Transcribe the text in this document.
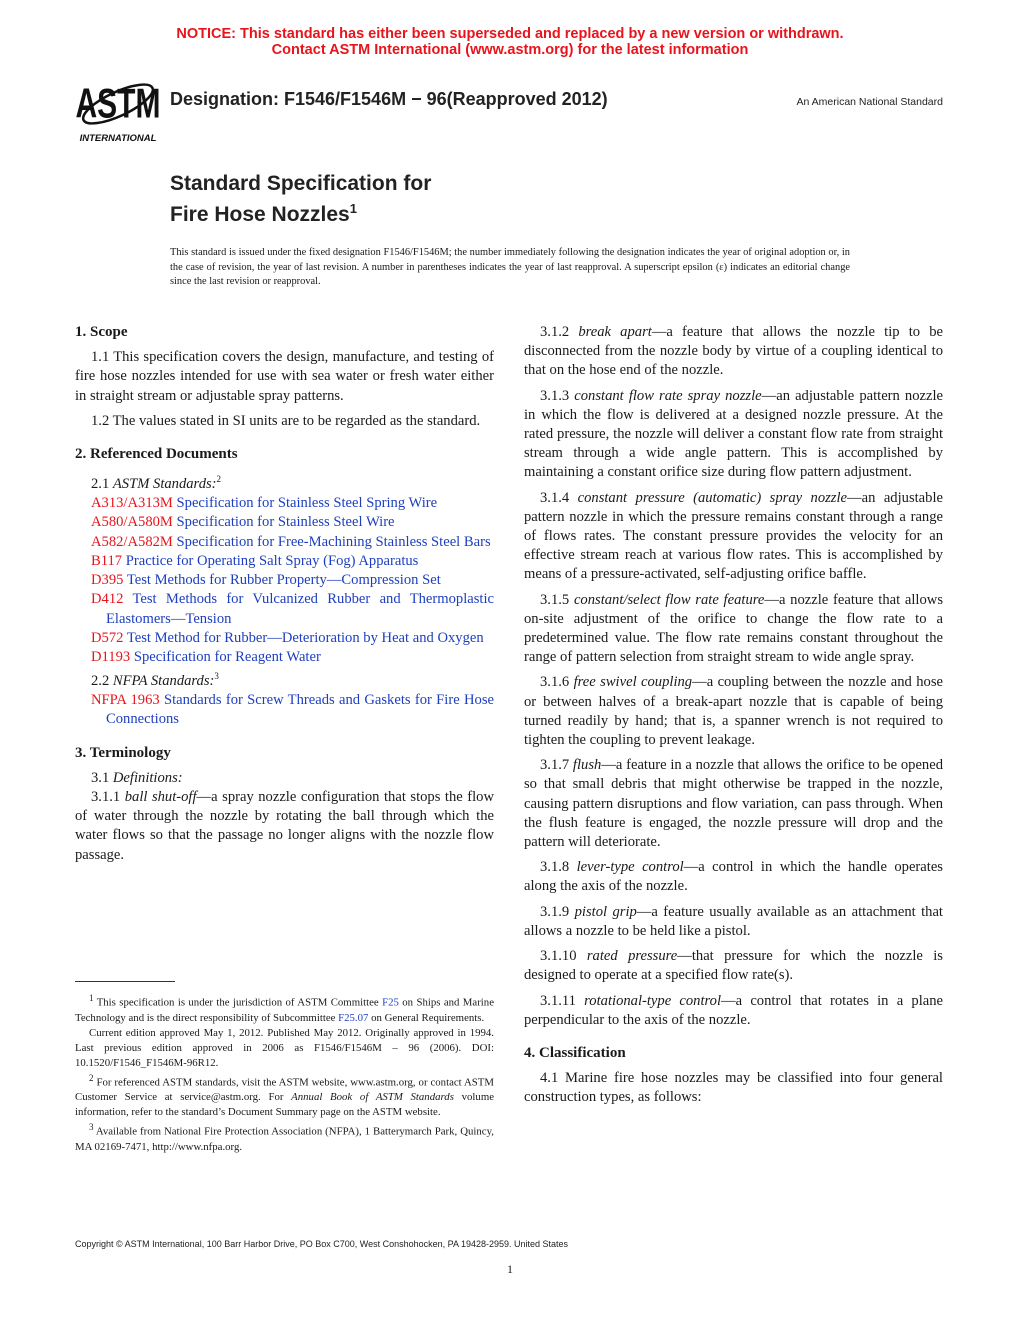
NOTICE: This standard has either been superseded and replaced by a new version or withdrawn.
Contact ASTM International (www.astm.org) for the latest information
ASTM
INTERNATIONAL
Designation: F1546/F1546M − 96(Reapproved 2012)	An American National Standard
Standard Specification for
Fire Hose Nozzles$^1$
This standard is issued under the fixed designation F1546/F1546M; the number immediately following the designation indicates the year of original adoption or, in the case of revision, the year of last revision. A number in parentheses indicates the year of last reapproval. A superscript epsilon (ε) indicates an editorial change since the last revision or reapproval.
1. Scope

1.1 This specification covers the design, manufacture, and testing of fire hose nozzles intended for use with sea water or fresh water either in straight stream or adjustable spray patterns.

1.2 The values stated in SI units are to be regarded as the standard.

2. Referenced Documents

2.1 ASTM Standards:$^2$

A313/A313M Specification for Stainless Steel Spring Wire
A580/A580M Specification for Stainless Steel Wire
A582/A582M Specification for Free-Machining Stainless Steel Bars
B117 Practice for Operating Salt Spray (Fog) Apparatus
D395 Test Methods for Rubber Property—Compression Set
D412 Test Methods for Vulcanized Rubber and Thermoplastic Elastomers—Tension
D572 Test Method for Rubber—Deterioration by Heat and Oxygen
D1193 Specification for Reagent Water

2.2 NFPA Standards:$^3$

NFPA 1963 Standards for Screw Threads and Gaskets for Fire Hose Connections
3. Terminology

3.1 Definitions:

3.1.1 ball shut-off—a spray nozzle configuration that stops the flow of water through the nozzle by rotating the ball through which the water flows so that the passage no longer aligns with the nozzle flow passage.

3.1.2 break apart—a feature that allows the nozzle tip to be disconnected from the nozzle body by virtue of a coupling identical to that on the hose end of the nozzle.

3.1.3 constant flow rate spray nozzle—an adjustable pattern nozzle in which the flow is delivered at a designed nozzle pressure. At the rated pressure, the nozzle will deliver a constant flow rate from straight stream through a wide angle pattern. This is accomplished by maintaining a constant orifice size during flow pattern adjustment.

3.1.4 constant pressure (automatic) spray nozzle—an adjustable pattern nozzle in which the pressure remains constant through a range of flows rates. The constant pressure provides the velocity for an effective stream reach at various flow rates. This is accomplished by means of a pressure-activated, self-adjusting orifice baffle.

3.1.5 constant/select flow rate feature—a nozzle feature that allows on-site adjustment of the orifice to change the flow rate to a predetermined value. The flow rate remains constant throughout the range of pattern selection from straight stream to wide angle spray.

3.1.6 free swivel coupling—a coupling between the nozzle and hose or between halves of a break-apart nozzle that is capable of being turned readily by hand; that is, a spanner wrench is not required to tighten the coupling to prevent leakage.

3.1.7 flush—a feature in a nozzle that allows the orifice to be opened so that small debris that might otherwise be trapped in the nozzle, causing pattern disruptions and flow variation, can pass through. When the flush feature is engaged, the nozzle pressure will drop and the pattern will deteriorate.

3.1.8 lever-type control—a control in which the handle operates along the axis of the nozzle.

3.1.9 pistol grip—a feature usually available as an attachment that allows a nozzle to be held like a pistol.

3.1.10 rated pressure—that pressure for which the nozzle is designed to operate at a specified flow rate(s).

3.1.11 rotational-type control—a control that rotates in a plane perpendicular to the axis of the nozzle.

4. Classification

4.1 Marine fire hose nozzles may be classified into four general construction types, as follows:

$^1$ This specification is under the jurisdiction of ASTM Committee F25 on Ships and Marine Technology and is the direct responsibility of Subcommittee F25.07 on General Requirements.

Current edition approved May 1, 2012. Published May 2012. Originally approved in 1994. Last previous edition approved in 2006 as F1546/F1546M – 96 (2006). DOI: 10.1520/F1546_F1546M-96R12.

$^2$ For referenced ASTM standards, visit the ASTM website, www.astm.org, or contact ASTM Customer Service at service@astm.org. For Annual Book of ASTM Standards volume information, refer to the standard’s Document Summary page on the ASTM website.

$^3$ Available from National Fire Protection Association (NFPA), 1 Batterymarch Park, Quincy, MA 02169-7471, http://www.nfpa.org.

Copyright © ASTM International, 100 Barr Harbor Drive, PO Box C700, West Conshohocken, PA 19428-2959. United States
1
